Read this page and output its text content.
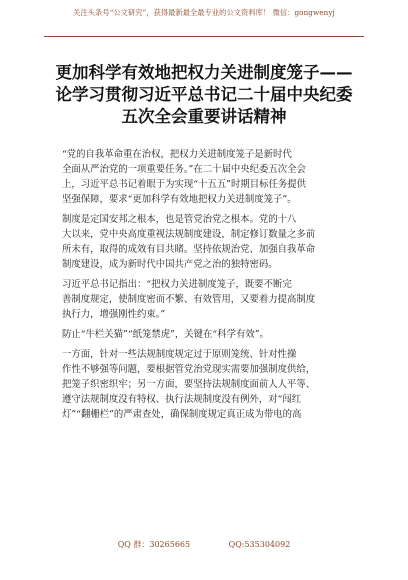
关注头条号“公文研究”，获得最新最全最专业的公文资料库！ 微信：gongwenyj
更加科学有效地把权力关进制度笼子——
论学习贯彻习近平总书记二十届中央纪委
五次全会重要讲话精神
“党的自我革命重在治权，把权力关进制度笼子是新时代
全面从严治党的一项重要任务。”在二十届中央纪委五次全会
上，习近平总书记着眼于为实现“十五五”时期目标任务提供
坚强保障，要求“更加科学有效地把权力关进制度笼子”。
制度是定国安邦之根本，也是管党治党之根本。党的十八
大以来，党中央高度重视法规制度建设，制定修订数量之多前
所未有，取得的成效有目共睹。坚持依规治党、加强自我革命
制度建设，成为新时代中国共产党之治的独特密码。
习近平总书记指出：“把权力关进制度笼子，既要不断完
善制度规定，使制度密而不繁、有效管用，又要着力提高制度
执行力，增强刚性约束。”
防止“牛栏关猫”“纸笼禁虎”，关键在“科学有效”。
一方面，针对一些法规制度规定过于原则笼统、针对性操
作性不够强等问题，要根据管党治党现实需要加强制度供给，
把笼子织密织牢；另一方面，要坚持法规制度面前人人平等、
遵守法规制度没有特权、执行法规制度没有例外，对“闯红
灯”“翻栅栏”的严肃查处，确保制度规定真正成为带电的高
QQ 群：30265665	QQ:535304092
